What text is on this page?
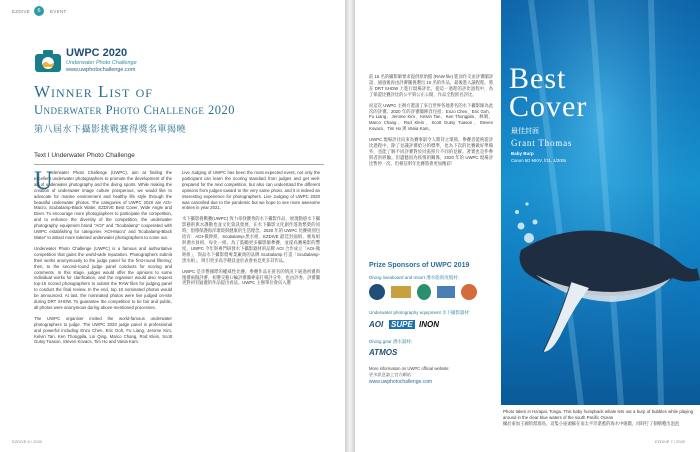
6
EZDIVE	EVENT
UWPC 2020
Underwater Photo Challenge
www.uwphotochallenge.com
Winner List of
Underwater Photo Challenge 2020
第八屆水下攝影挑戰賽得獎名單揭曉
Text I Underwater Photo Challenge
U

nderwater Photo Challenge (UWPC), aim at finding the excellent underwater photographers to promote the development of the art of underwater photography and the diving sports. While making the creation of underwater image culture prosperous, we would like to advocate for marine environment and healthy life style through the beautiful underwater photos. The categories of UWPC 2020 are AOI-Macro, Scubalamp-Black Water, EZDIVE Best Cover, Wide Angle and Diver. To encourage more photographers to participate the competition, and to enhance the diversity of the competition, the underwater photography equipment brand "AOI" and "Scubalamp" cooperated with UWPC establishing for categories 'AOI-Macro' and 'Scubalamp-Black Water' to attract more talented underwater photographers to come out.

Underwater Photo Challenge (UWPC) is a famous and authoritative competition that gains the world-wide reputation. Photographers submit their works anonymously to the judge panel for the first-round filtering; then, to the second-round judge panel conducts for scoring and comments. In this stage, judges would offer the opinions to some individual works for clarification, and the organiser would also request top-15 scored photographers to submit the RAW files for judging panel to conduct the final review. In the end, top 10 nominated photos would be announced. At last, the nominated photos were live judged on-site during DRT SHOW. To guarantee the competition to be fair and public, all photos were anonymous during above-mentioned processes.

The UWPC organiser invited the world-famous underwater photographers to judge. The UWPC 2020 judge panel is professional and powerful including Enzo Chen, Eric Goh, Fu Liang, Jerome Kim, Kelvin Tan, Ken Thongpila, Lin Qing, Marco Chang, Rod Klein, Scott Gutsy Tuason, Steven Kovacs, Tim Ho and Vania Kam.

Live Judging of UWPC has been the most expected event, not only the participant can learn the scoring standard from judges and get well-prepared for the next competition, but also can understand the different opinions from judges toward to the very same photo, and it is indeed an interesting experience for photographers. Live Judging of UWPC 2020 was cancelled due to the pandemic but we hope to see more awesome entries in year 2021.

水下攝影挑戰賽(UWPC) 致力尋找優秀的水下攝影作品，展現動感水下攝影藝術與水護動也並文化資訊發展，在水下攝影文化創作蓬勃繁榮的同時，倡導保護海洋環境與健康的生活理念。2020 年的 UWPC 比賽組別包括有：AOI-微距組、Scubalamp-黑水組、EZDIVE 最佳封面組、廣角組與潛水員組，每比一組。為了鼓勵更多攝影師參賽，並提高賽場影的豐度，UWPC 今年與專門研發水下攝影器材的品牌 AOI 合作成立「AOI-微距組」，與品水下攝影燈專業廠商的品牌 Scubalamp 打造「Scubalamp-黑水組」，吸引更多高手競技並於表會看見更多其作品。

UWPC 是享譽國際的權威性比賽。參賽作品在匿名的情況下通過初審與復審兩個評審。初選交藝口輪評審團專家打相評分外，也由評委，評審團更對初有疑慮的作品提出看法。UWPC 主辦單位會向入選

EZDIVE 6 / 2020

前 15 名的攝影師要求提供原始檔 (RAW file) 進而作交由評審團評語，通過後再由評審團挑選出 10 名的作品。最後進入議程程。將在 DRT SHOW 上進行現場評比。從這一過程的評比過程中，為了保證比賽評比的公平與公正公開，作品全程匿名評比。

而這次 UWPC 主辦方邀請了來自世界各地著名的水下攝影師為此次的評審。2020 年的評審團陣容包括：Enzo Chen、Eric Goh、Fu Liang、Jerome Kim、Kelvin Tan、Ken Thongpila、林晴、Marco Chang、Rod Klein、Scott Gutsy Tuason、Steven Kovacs、Tim Ho 與 Vania Kam。

UWPC 現場評比向來為賽事最令人期待之環節。參賽者能夠從評比過程中，除了見識評審給分的標準，也為下次的比賽做好準備外，也能了解不同評審對於同張照片不同的見解。著實也是件參與者的經驗。但遺憾因為疫情的關係，2020 年的 UWPC 現場評比暫停一次。但相信明年比賽將會更加精彩！

Prize Sponsors of UWPC 2019
Diving liveaboard and resort 潛水船與度假村:
Underwater photography equipment 水下攝影器材:
AOI SUPE INON
Diving gear 潛水器材:
ATMOS
More information on UWPC official website:
更多訊息請上官方網站：
www.uwphotochallenge.com
Best
Cover
最佳封面
Grant Thomas
Baby Burp
Canon 5D MKIV, f/11, 1/200s
Photo taken in Ha'apai, Tonga. This baby humpback whale lets out a burp of bubbles while playing around in the clear blue waters of the south Pacific Ocean
攝於東加王國哈派群島，這隻小座頭鯨在南太平洋湛藍的海水中嬉戲，同時打了個噴嚏出泡泡
EZDIVE 7 / 2020
